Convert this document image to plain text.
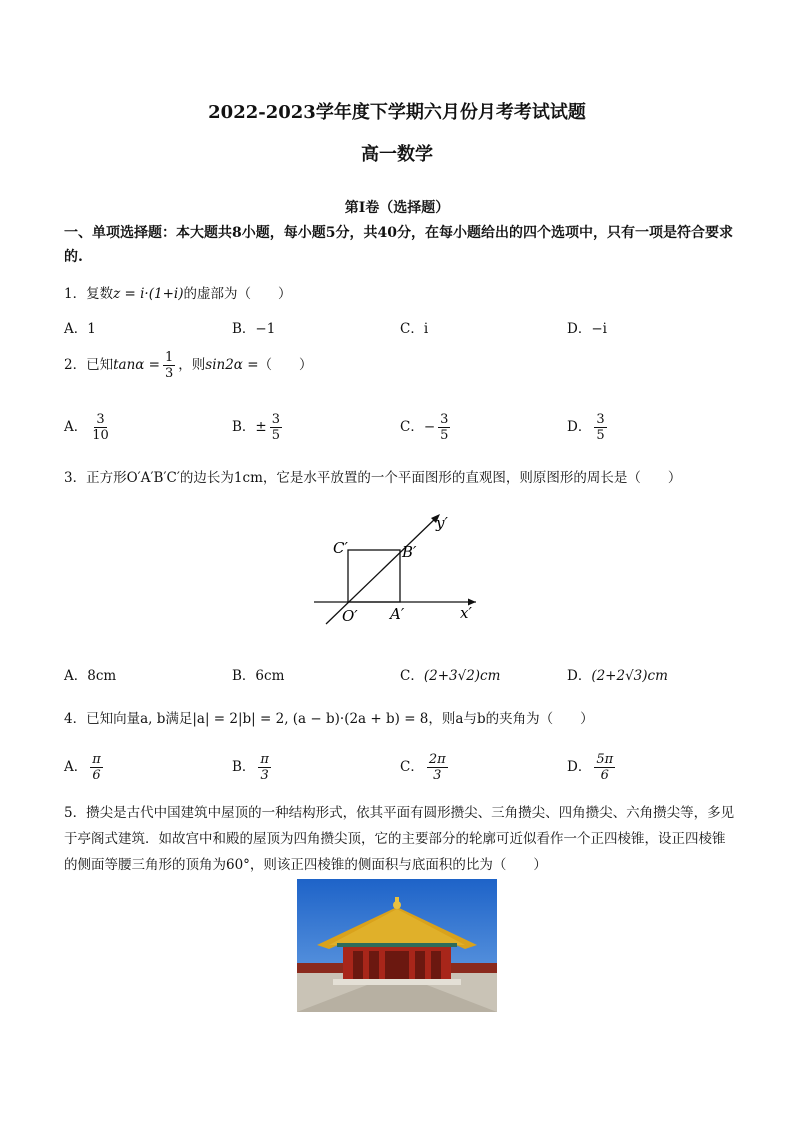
2022-2023学年度下学期六月份月考考试试题
高一数学
第Ⅰ卷（选择题）
一、单项选择题：本大题共8小题，每小题5分，共40分，在每小题给出的四个选项中，只有一项是符合要求的.
1．复数z = i·(1+i)的虚部为（　　）
A．1	B．−1	C．i	D．−i
2．已知$\tan\alpha = \frac{1}{3}$ ，则sin2α =（　　）
A． $\frac{3}{10}$	B．± $\frac{3}{5}$	C．− $\frac{3}{5}$	D． $\frac{3}{5}$
3．正方形O′A′B′C′的边长为1cm，它是水平放置的一个平面图形的直观图，则原图形的周长是（　　）
C′	B′
O′ A′	x′
y′
A．8cm	B．6cm	C．(2+3√2)cm	D．(2+2√3)cm
4．已知向量a, b满足|a| = 2|b| = 2, (a − b)·(2a + b) = 8，则a与b的夹角为（　　）
A． $\frac{\pi}{6}$	B． $\frac{\pi}{3}$	C． $\frac{2\pi}{3}$	D． $\frac{5\pi}{6}$
5．攒尖是古代中国建筑中屋顶的一种结构形式，依其平面有圆形攒尖、三角攒尖、四角攒尖、六角攒尖等，多见于亭阁式建筑．如故宫中和殿的屋顶为四角攒尖顶，它的主要部分的轮廓可近似看作一个正四棱锥，设正四棱锥的侧面等腰三角形的顶角为60°，则该正四棱锥的侧面积与底面积的比为（　　）
